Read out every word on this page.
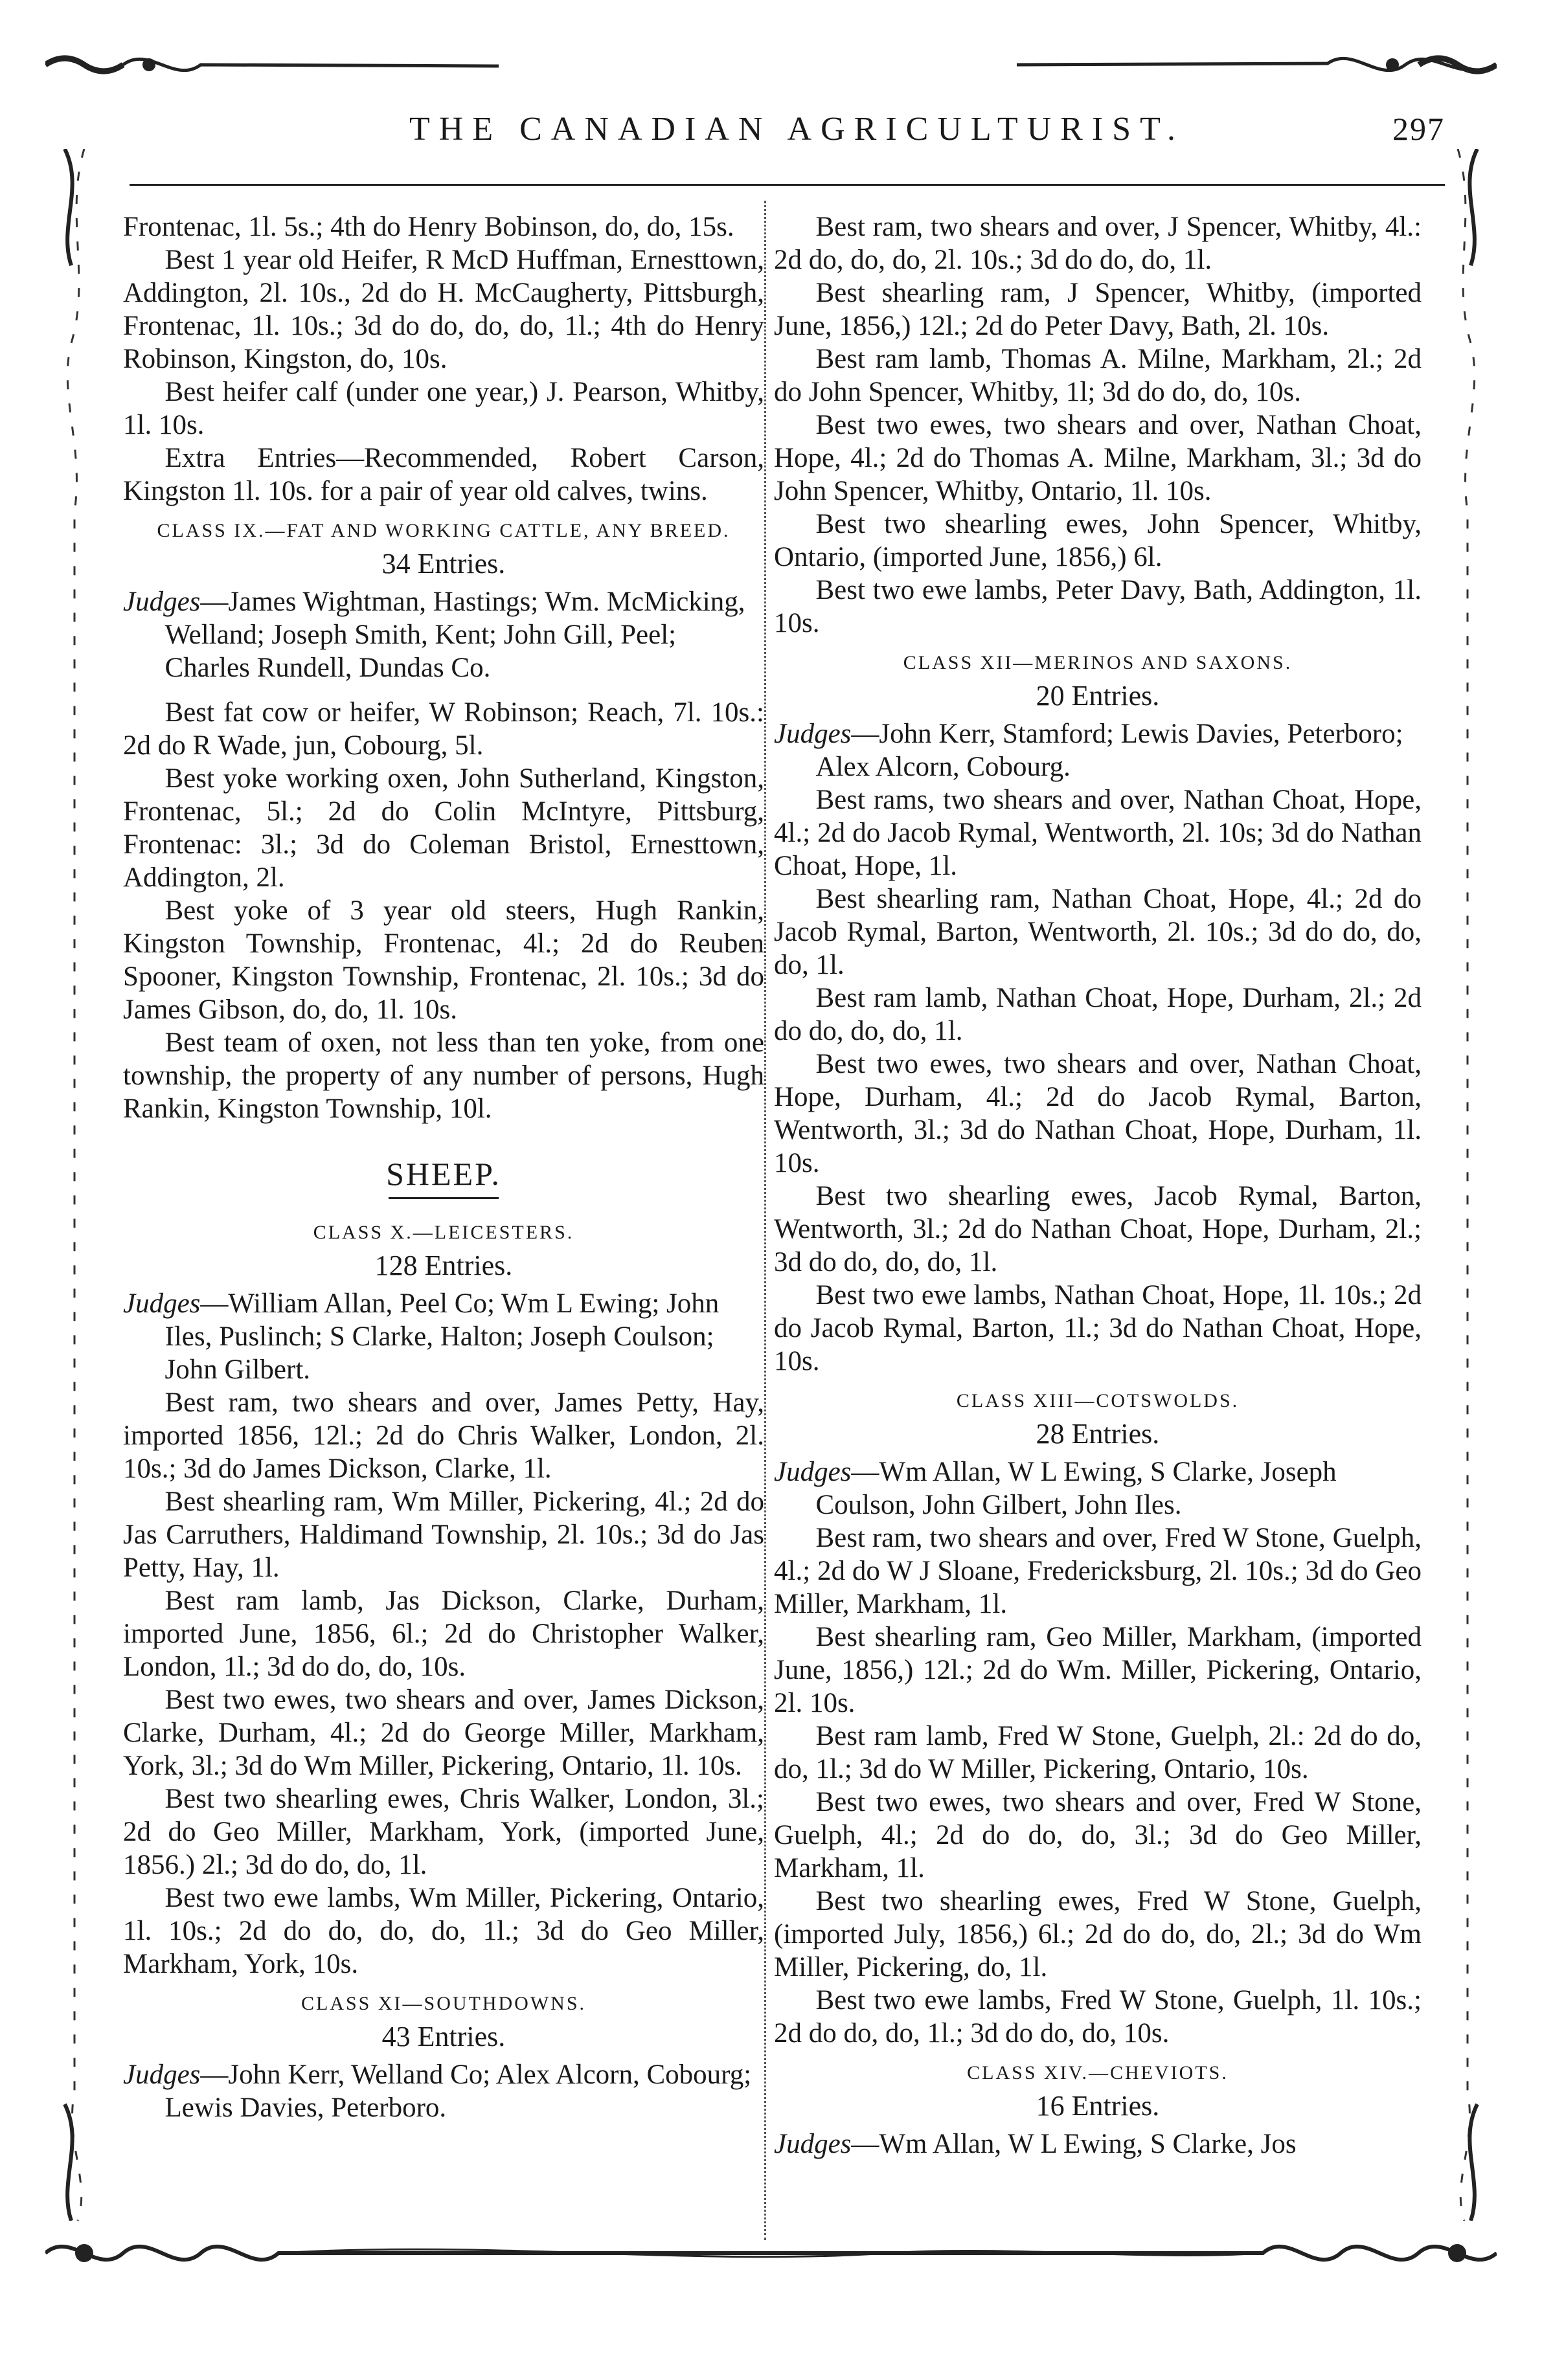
THE CANADIAN AGRICULTURIST.	297

Frontenac, 1l. 5s.; 4th do Henry Bobinson, do, do, 15s.

Best 1 year old Heifer, R McD Huffman, Ernesttown, Addington, 2l. 10s., 2d do H. McCaugherty, Pittsburgh, Frontenac, 1l. 10s.; 3d do do, do, do, 1l.; 4th do Henry Robinson, Kingston, do, 10s.

Best heifer calf (under one year,) J. Pearson, Whitby, 1l. 10s.

Extra Entries—Recommended, Robert Carson, Kingston 1l. 10s. for a pair of year old calves, twins.

CLASS IX.—FAT AND WORKING CATTLE, ANY BREED.

34 Entries.

Judges—James Wightman, Hastings; Wm. McMicking, Welland; Joseph Smith, Kent; John Gill, Peel; Charles Rundell, Dundas Co.

Best fat cow or heifer, W Robinson; Reach, 7l. 10s.: 2d do R Wade, jun, Cobourg, 5l.

Best yoke working oxen, John Sutherland, Kingston, Frontenac, 5l.; 2d do Colin McIntyre, Pittsburg, Frontenac: 3l.; 3d do Coleman Bristol, Ernesttown, Addington, 2l.

Best yoke of 3 year old steers, Hugh Rankin, Kingston Township, Frontenac, 4l.; 2d do Reuben Spooner, Kingston Township, Frontenac, 2l. 10s.; 3d do James Gibson, do, do, 1l. 10s.

Best team of oxen, not less than ten yoke, from one township, the property of any number of persons, Hugh Rankin, Kingston Township, 10l.

SHEEP.

CLASS X.—LEICESTERS.

128 Entries.

Judges—William Allan, Peel Co; Wm L Ewing; John Iles, Puslinch; S Clarke, Halton; Joseph Coulson; John Gilbert.

Best ram, two shears and over, James Petty, Hay, imported 1856, 12l.; 2d do Chris Walker, London, 2l. 10s.; 3d do James Dickson, Clarke, 1l.

Best shearling ram, Wm Miller, Pickering, 4l.; 2d do Jas Carruthers, Haldimand Township, 2l. 10s.; 3d do Jas Petty, Hay, 1l.

Best ram lamb, Jas Dickson, Clarke, Durham, imported June, 1856, 6l.; 2d do Christopher Walker, London, 1l.; 3d do do, do, 10s.

Best two ewes, two shears and over, James Dickson, Clarke, Durham, 4l.; 2d do George Miller, Markham, York, 3l.; 3d do Wm Miller, Pickering, Ontario, 1l. 10s.

Best two shearling ewes, Chris Walker, London, 3l.; 2d do Geo Miller, Markham, York, (imported June, 1856.) 2l.; 3d do do, do, 1l.

Best two ewe lambs, Wm Miller, Pickering, Ontario, 1l. 10s.; 2d do do, do, do, 1l.; 3d do Geo Miller, Markham, York, 10s.

CLASS XI—SOUTHDOWNS.

43 Entries.

Judges—John Kerr, Welland Co; Alex Alcorn, Cobourg; Lewis Davies, Peterboro.

Best ram, two shears and over, J Spencer, Whitby, 4l.: 2d do, do, do, 2l. 10s.; 3d do do, do, 1l.

Best shearling ram, J Spencer, Whitby, (imported June, 1856,) 12l.; 2d do Peter Davy, Bath, 2l. 10s.

Best ram lamb, Thomas A. Milne, Markham, 2l.; 2d do John Spencer, Whitby, 1l; 3d do do, do, 10s.

Best two ewes, two shears and over, Nathan Choat, Hope, 4l.; 2d do Thomas A. Milne, Markham, 3l.; 3d do John Spencer, Whitby, Ontario, 1l. 10s.

Best two shearling ewes, John Spencer, Whitby, Ontario, (imported June, 1856,) 6l.

Best two ewe lambs, Peter Davy, Bath, Addington, 1l. 10s.

CLASS XII—MERINOS AND SAXONS.

20 Entries.

Judges—John Kerr, Stamford; Lewis Davies, Peterboro; Alex Alcorn, Cobourg.

Best rams, two shears and over, Nathan Choat, Hope, 4l.; 2d do Jacob Rymal, Wentworth, 2l. 10s; 3d do Nathan Choat, Hope, 1l.

Best shearling ram, Nathan Choat, Hope, 4l.; 2d do Jacob Rymal, Barton, Wentworth, 2l. 10s.; 3d do do, do, do, 1l.

Best ram lamb, Nathan Choat, Hope, Durham, 2l.; 2d do do, do, do, 1l.

Best two ewes, two shears and over, Nathan Choat, Hope, Durham, 4l.; 2d do Jacob Rymal, Barton, Wentworth, 3l.; 3d do Nathan Choat, Hope, Durham, 1l. 10s.

Best two shearling ewes, Jacob Rymal, Barton, Wentworth, 3l.; 2d do Nathan Choat, Hope, Durham, 2l.; 3d do do, do, do, 1l.

Best two ewe lambs, Nathan Choat, Hope, 1l. 10s.; 2d do Jacob Rymal, Barton, 1l.; 3d do Nathan Choat, Hope, 10s.

CLASS XIII—COTSWOLDS.

28 Entries.

Judges—Wm Allan, W L Ewing, S Clarke, Joseph Coulson, John Gilbert, John Iles.

Best ram, two shears and over, Fred W Stone, Guelph, 4l.; 2d do W J Sloane, Fredericksburg, 2l. 10s.; 3d do Geo Miller, Markham, 1l.

Best shearling ram, Geo Miller, Markham, (imported June, 1856,) 12l.; 2d do Wm. Miller, Pickering, Ontario, 2l. 10s.

Best ram lamb, Fred W Stone, Guelph, 2l.: 2d do do, do, 1l.; 3d do W Miller, Pickering, Ontario, 10s.

Best two ewes, two shears and over, Fred W Stone, Guelph, 4l.; 2d do do, do, 3l.; 3d do Geo Miller, Markham, 1l.

Best two shearling ewes, Fred W Stone, Guelph, (imported July, 1856,) 6l.; 2d do do, do, 2l.; 3d do Wm Miller, Pickering, do, 1l.

Best two ewe lambs, Fred W Stone, Guelph, 1l. 10s.; 2d do do, do, 1l.; 3d do do, do, 10s.

CLASS XIV.—CHEVIOTS.

16 Entries.

Judges—Wm Allan, W L Ewing, S Clarke, Jos
